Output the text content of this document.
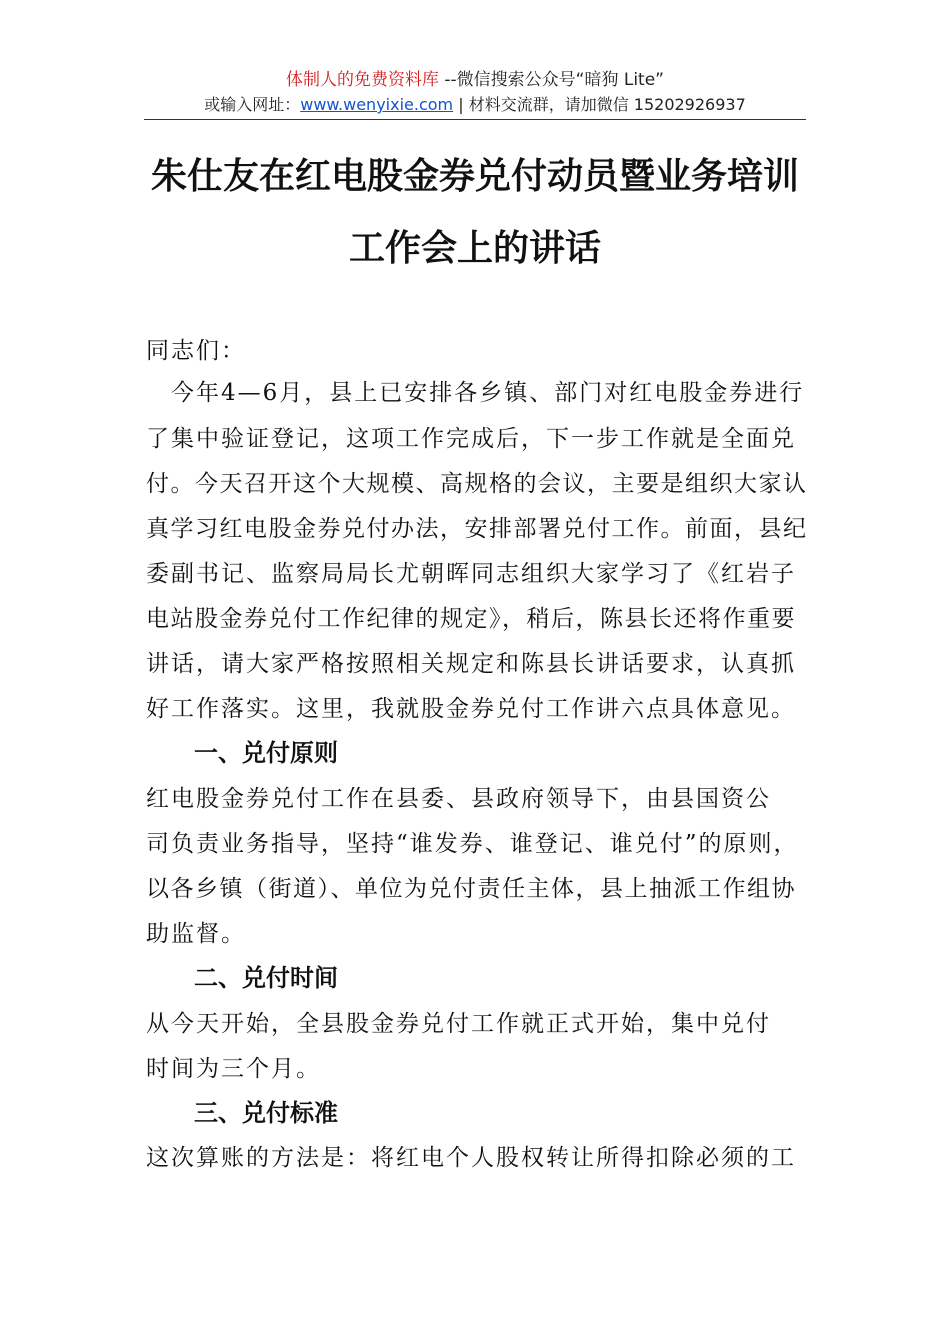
体制人的免费资料库 --微信搜索公众号“暗狗 Lite”
或输入网址：www.wenyixie.com | 材料交流群，请加微信 15202926937
朱仕友在红电股金券兑付动员暨业务培训
工作会上的讲话
同志们：
　今年4—6月，县上已安排各乡镇、部门对红电股金券进行
了集中验证登记，这项工作完成后，下一步工作就是全面兑
付。今天召开这个大规模、高规格的会议，主要是组织大家认
真学习红电股金券兑付办法，安排部署兑付工作。前面，县纪
委副书记、监察局局长尤朝晖同志组织大家学习了《红岩子
电站股金券兑付工作纪律的规定》，稍后，陈县长还将作重要
讲话，请大家严格按照相关规定和陈县长讲话要求，认真抓
好工作落实。这里，我就股金券兑付工作讲六点具体意见。
一、兑付原则
红电股金券兑付工作在县委、县政府领导下，由县国资公
司负责业务指导，坚持“谁发券、谁登记、谁兑付”的原则，
以各乡镇（街道）、单位为兑付责任主体，县上抽派工作组协
助监督。
二、兑付时间
从今天开始，全县股金券兑付工作就正式开始，集中兑付
时间为三个月。
三、兑付标准
这次算账的方法是：将红电个人股权转让所得扣除必须的工
